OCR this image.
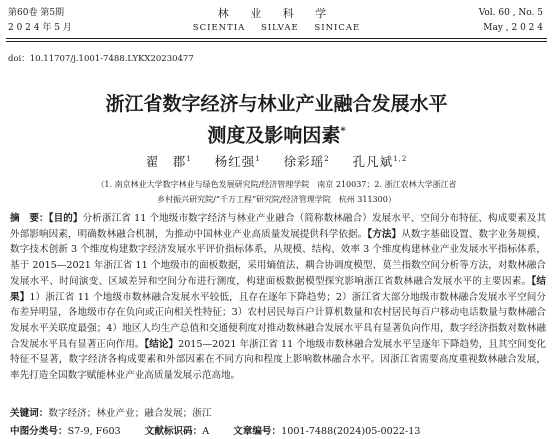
第60卷 第5期
2 0 2 4 年 5 月
林 业 科 学
SCIENTIA SILVAE SINICAE
Vol. 60 , No. 5
May , 2 0 2 4
doi：10.11707/j.1001-7488.LYKX20230477
浙江省数字经济与林业产业融合发展水平
测度及影响因素*
翟　郡$^1$ 杨红强$^1$ 徐彩瑶$^2$ 孔凡斌$^{1,2}$
（1. 南京林业大学数字林业与绿色发展研究院/经济管理学院　南京 210037；2. 浙江农林大学浙江省
乡村振兴研究院/“千万工程”研究院/经济管理学院　杭州 311300）
摘　要：【目的】分析浙江省 11 个地级市数字经济与林业产业融合（简称数林融合）发展水平、空间分布特征、构成要素及其外部影响因素，明确数林融合机制，为推动中国林业产业高质量发展提供科学依据。【方法】从数字基础设置、数字业务规模、数字技术创新 3 个维度构建数字经济发展水平评价指标体系，从规模、结构、效率 3 个维度构建林业产业发展水平指标体系，基于 2015—2021 年浙江省 11 个地级市的面板数据，采用熵值法、耦合协调度模型、莫兰指数空间分析等方法，对数林融合发展水平、时间演变、区域差异和空间分布进行测度，构建面板数据模型探究影响浙江省数林融合发展水平的主要因素。【结果】1）浙江省 11 个地级市数林融合发展水平较低，且存在逐年下降趋势；2）浙江省大部分地级市数林融合发展水平空间分布差异明显，各地级市存在负向或正向相关性特征；3）农村居民每百户计算机数量和农村居民每百户移动电话数量与数林融合发展水平关联度最强；4）地区人均生产总值和交通便利度对推动数林融合发展水平具有显著负向作用，数字经济指数对数林融合发展水平具有显著正向作用。【结论】2015—2021 年浙江省 11 个地级市数林融合发展水平呈逐年下降趋势，且其空间变化特征不显著，数字经济各构成要素和外部因素在不同方向和程度上影响数林融合水平。因浙江省需要高度重视数林融合发展，率先打造全国数字赋能林业产业高质量发展示范高地。
关键词：数字经济；林业产业；融合发展；浙江
中图分类号：S7-9, F603	文献标识码：A	文章编号：1001-7488(2024)05-0022-13
